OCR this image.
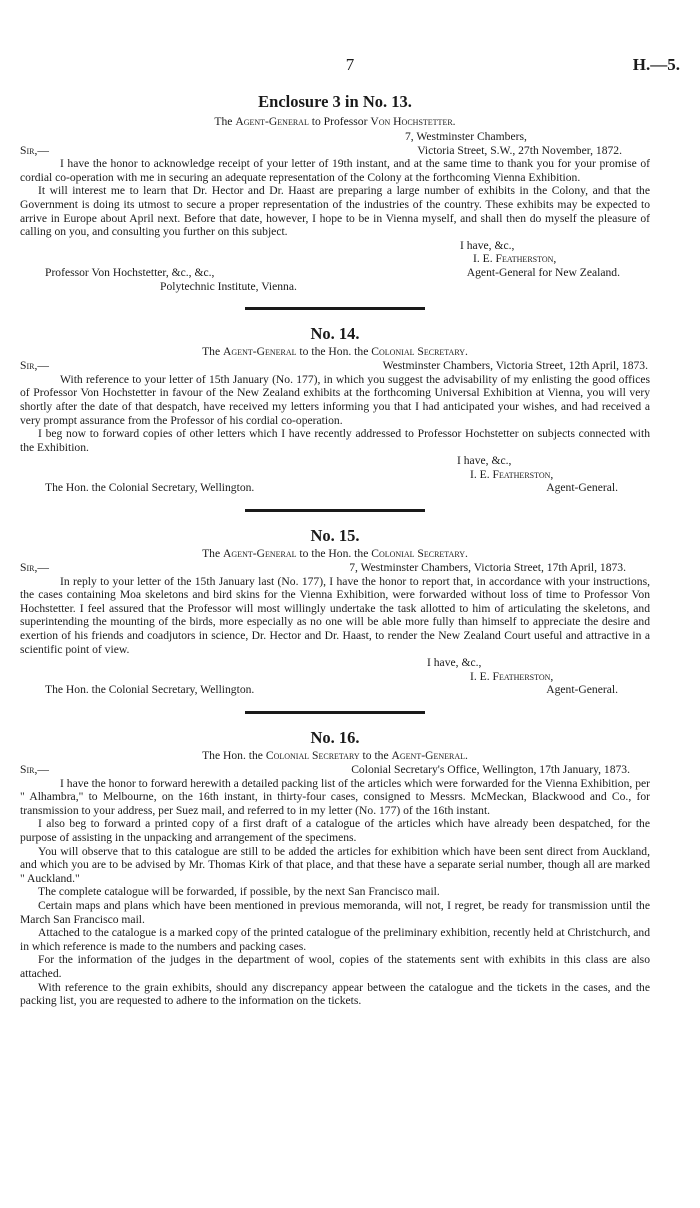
7	H.—5.
Enclosure 3 in No. 13.
The Agent-General to Professor Von Hochstetter.
7, Westminster Chambers,
Sir,—	Victoria Street, S.W., 27th November, 1872.

I have the honor to acknowledge receipt of your letter of 19th instant, and at the same time to thank you for your promise of cordial co-operation with me in securing an adequate representation of the Colony at the forthcoming Vienna Exhibition.

It will interest me to learn that Dr. Hector and Dr. Haast are preparing a large number of exhibits in the Colony, and that the Government is doing its utmost to secure a proper representation of the industries of the country. These exhibits may be expected to arrive in Europe about April next. Before that date, however, I hope to be in Vienna myself, and shall then do myself the pleasure of calling on you, and consulting you further on this subject.

I have, &c.,
I. E. Featherston,
Professor Von Hochstetter, &c., &c.,	Agent-General for New Zealand.
Polytechnic Institute, Vienna.
No. 14.
The Agent-General to the Hon. the Colonial Secretary.
Sir,—	Westminster Chambers, Victoria Street, 12th April, 1873.

With reference to your letter of 15th January (No. 177), in which you suggest the advisability of my enlisting the good offices of Professor Von Hochstetter in favour of the New Zealand exhibits at the forthcoming Universal Exhibition at Vienna, you will very shortly after the date of that despatch, have received my letters informing you that I had anticipated your wishes, and had received a very prompt assurance from the Professor of his cordial co-operation.

I beg now to forward copies of other letters which I have recently addressed to Professor Hochstetter on subjects connected with the Exhibition.

I have, &c.,
I. E. Featherston,
The Hon. the Colonial Secretary, Wellington.	Agent-General.
No. 15.
The Agent-General to the Hon. the Colonial Secretary.
Sir,—	7, Westminster Chambers, Victoria Street, 17th April, 1873.

In reply to your letter of the 15th January last (No. 177), I have the honor to report that, in accordance with your instructions, the cases containing Moa skeletons and bird skins for the Vienna Exhibition, were forwarded without loss of time to Professor Von Hochstetter. I feel assured that the Professor will most willingly undertake the task allotted to him of articulating the skeletons, and superintending the mounting of the birds, more especially as no one will be able more fully than himself to appreciate the desire and exertion of his friends and coadjutors in science, Dr. Hector and Dr. Haast, to render the New Zealand Court useful and attractive in a scientific point of view.

I have, &c.,
I. E. Featherston,
The Hon. the Colonial Secretary, Wellington.	Agent-General.
No. 16.
The Hon. the Colonial Secretary to the Agent-General.
Sir,—	Colonial Secretary's Office, Wellington, 17th January, 1873.

I have the honor to forward herewith a detailed packing list of the articles which were forwarded for the Vienna Exhibition, per " Alhambra," to Melbourne, on the 16th instant, in thirty-four cases, consigned to Messrs. McMeckan, Blackwood and Co., for transmission to your address, per Suez mail, and referred to in my letter (No. 177) of the 16th instant.

I also beg to forward a printed copy of a first draft of a catalogue of the articles which have already been despatched, for the purpose of assisting in the unpacking and arrangement of the specimens.

You will observe that to this catalogue are still to be added the articles for exhibition which have been sent direct from Auckland, and which you are to be advised by Mr. Thomas Kirk of that place, and that these have a separate serial number, though all are marked " Auckland."

The complete catalogue will be forwarded, if possible, by the next San Francisco mail.

Certain maps and plans which have been mentioned in previous memoranda, will not, I regret, be ready for transmission until the March San Francisco mail.

Attached to the catalogue is a marked copy of the printed catalogue of the preliminary exhibition, recently held at Christchurch, and in which reference is made to the numbers and packing cases.

For the information of the judges in the department of wool, copies of the statements sent with exhibits in this class are also attached.

With reference to the grain exhibits, should any discrepancy appear between the catalogue and the tickets in the cases, and the packing list, you are requested to adhere to the information on the tickets.
